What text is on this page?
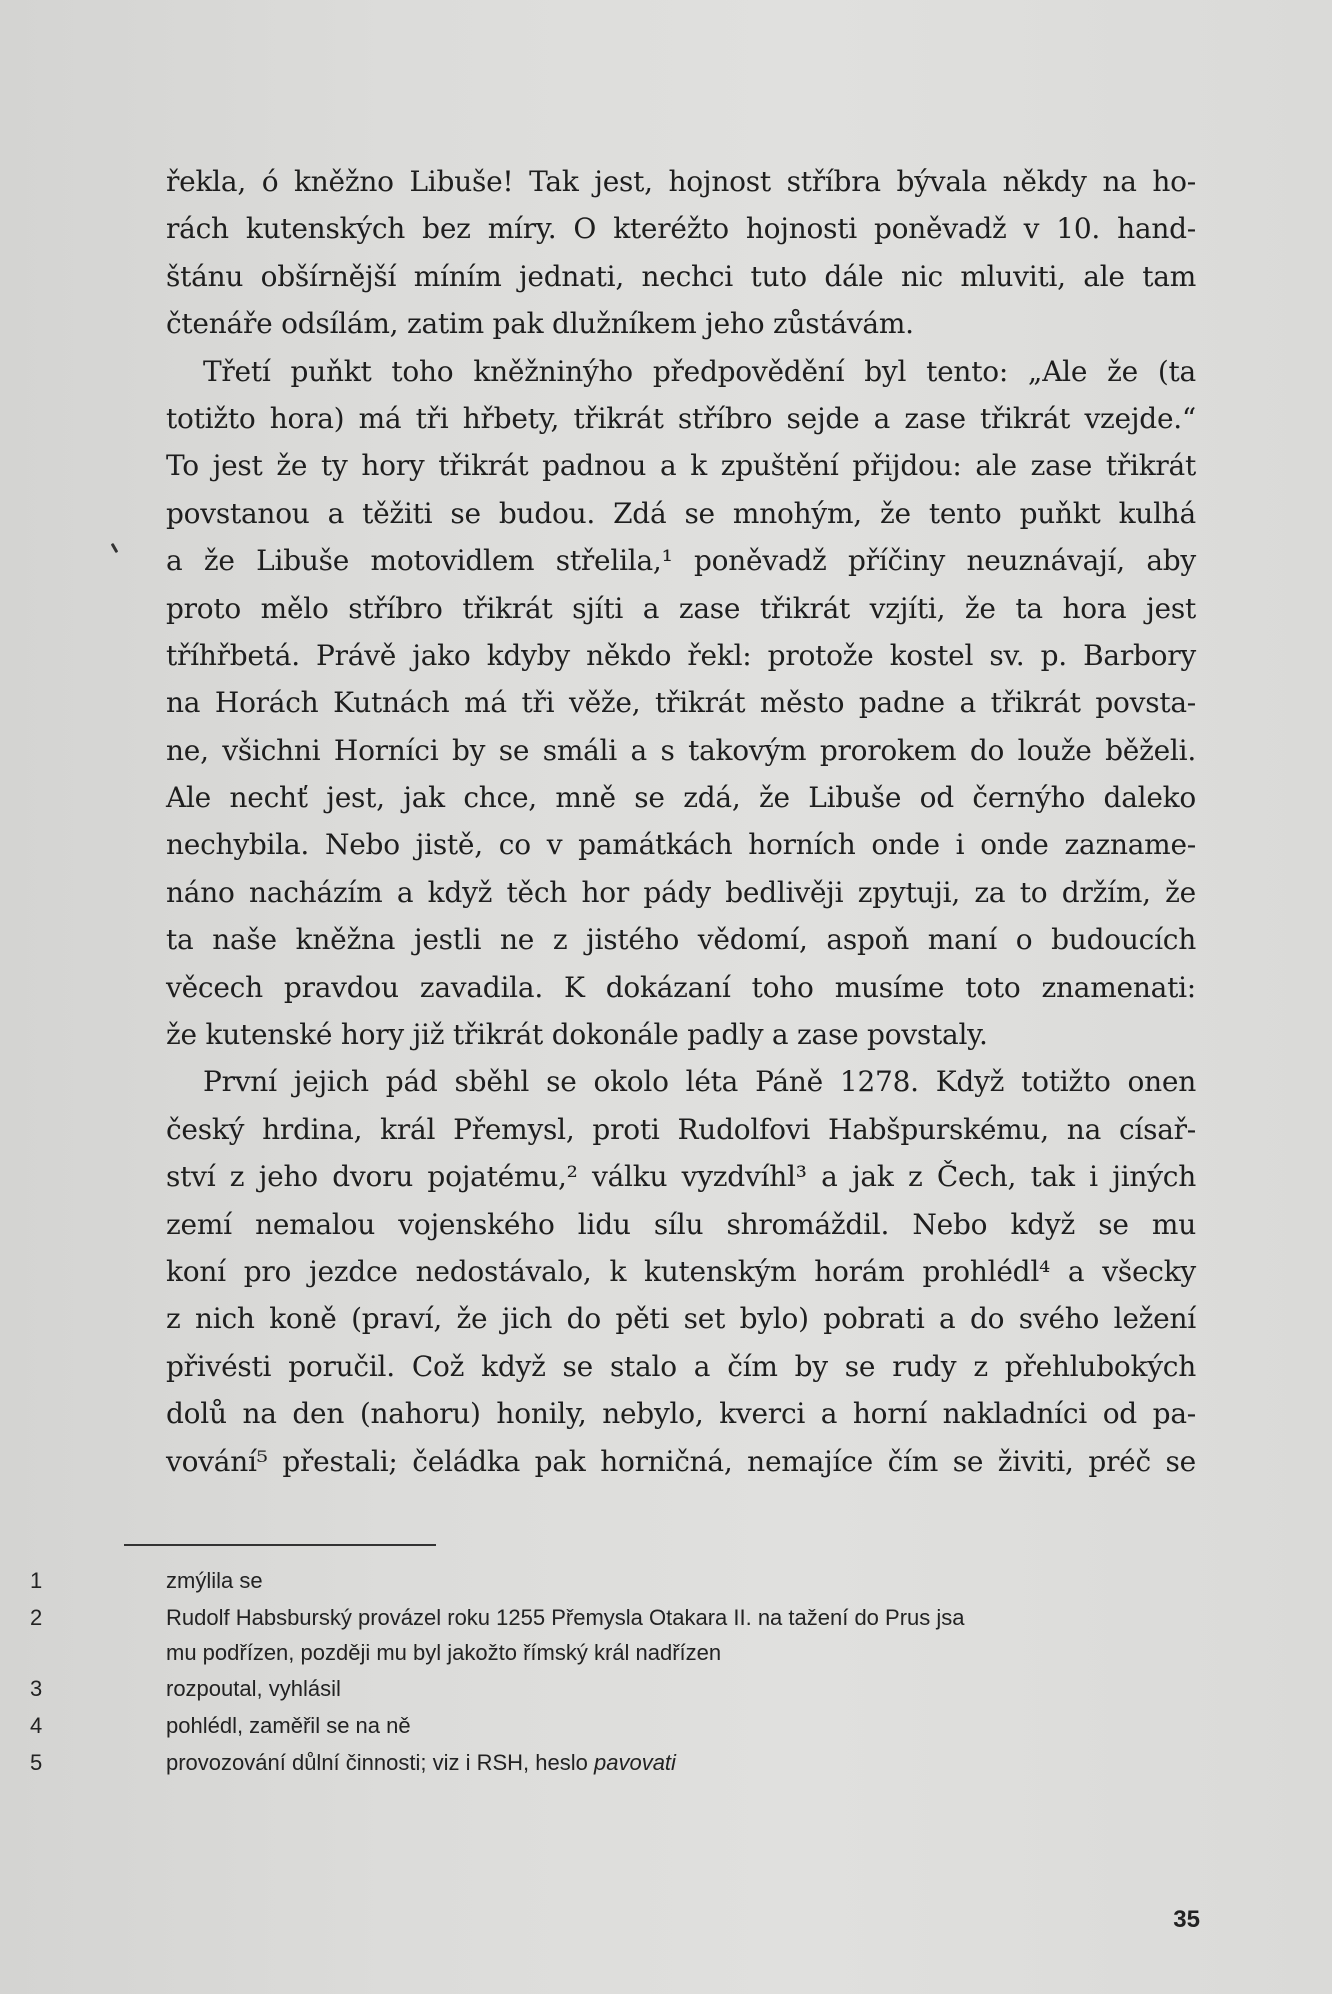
řekla, ó kněžno Libuše! Tak jest, hojnost stříbra bývala někdy na ho-
rách kutenských bez míry. O kteréžto hojnosti poněvadž v 10. hand-
štánu obšírnější míním jednati, nechci tuto dále nic mluviti, ale tam
čtenáře odsílám, zatim pak dlužníkem jeho zůstávám.
Třetí puňkt toho kněžninýho předpovědění byl tento: „Ale že (ta
totižto hora) má tři hřbety, třikrát stříbro sejde a zase třikrát vzejde.“
To jest že ty hory třikrát padnou a k zpuštění přijdou: ale zase třikrát
povstanou a těžiti se budou. Zdá se mnohým, že tento puňkt kulhá
a že Libuše motovidlem střelila,¹ poněvadž příčiny neuznávají, aby
proto mělo stříbro třikrát sjíti a zase třikrát vzjíti, že ta hora jest
tříhřbetá. Právě jako kdyby někdo řekl: protože kostel sv. p. Barbory
na Horách Kutnách má tři věže, třikrát město padne a třikrát povsta-
ne, všichni Horníci by se smáli a s takovým prorokem do louže běželi.
Ale nechť jest, jak chce, mně se zdá, že Libuše od černýho daleko
nechybila. Nebo jistě, co v památkách horních onde i onde zazname-
náno nacházím a když těch hor pády bedlivěji zpytuji, za to držím, že
ta naše kněžna jestli ne z jistého vědomí, aspoň maní o budoucích
věcech pravdou zavadila. K dokázaní toho musíme toto znamenati:
že kutenské hory již třikrát dokonále padly a zase povstaly.
První jejich pád sběhl se okolo léta Páně 1278. Když totižto onen
český hrdina, král Přemysl, proti Rudolfovi Habšpurskému, na císař-
ství z jeho dvoru pojatému,² válku vyzdvíhl³ a jak z Čech, tak i jiných
zemí nemalou vojenského lidu sílu shromáždil. Nebo když se mu
koní pro jezdce nedostávalo, k kutenským horám prohlédl⁴ a všecky
z nich koně (praví, že jich do pěti set bylo) pobrati a do svého ležení
přivésti poručil. Což když se stalo a čím by se rudy z přehlubokých
dolů na den (nahoru) honily, nebylo, kverci a horní nakladníci od pa-
vování⁵ přestali; čeládka pak horničná, nemajíce čím se živiti, préč se
1	zmýlila se
2	Rudolf Habsburský provázel roku 1255 Přemysla Otakara II. na tažení do Prus jsa
mu podřízen, později mu byl jakožto římský král nadřízen
3	rozpoutal, vyhlásil
4	pohlédl, zaměřil se na ně
5	provozování důlní činnosti; viz i RSH, heslo pavovati
35
